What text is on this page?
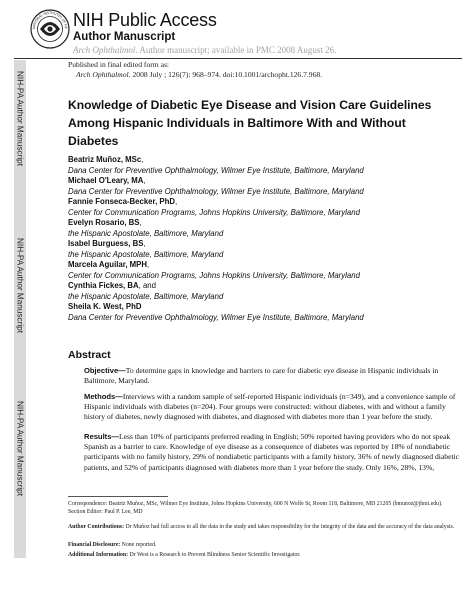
NATIONAL INSTITUTES OF HE NIH Public Access
Author Manuscript
Arch Ophthalmol. Author manuscript; available in PMC 2008 August 26.
NIH-PA Author Manuscript
NIH-PA Author Manuscript
NIH-PA Author Manuscript
Published in final edited form as:
Arch Ophthalmol. 2008 July ; 126(7): 968–974. doi:10.1001/archopht.126.7.968.
Knowledge of Diabetic Eye Disease and Vision Care Guidelines Among Hispanic Individuals in Baltimore With and Without Diabetes
Beatriz Muñoz, MSc,
Dana Center for Preventive Ophthalmology, Wilmer Eye Institute, Baltimore, Maryland
Michael O'Leary, MA,
Dana Center for Preventive Ophthalmology, Wilmer Eye Institute, Baltimore, Maryland
Fannie Fonseca-Becker, PhD,
Center for Communication Programs, Johns Hopkins University, Baltimore, Maryland
Evelyn Rosario, BS,
the Hispanic Apostolate, Baltimore, Maryland
Isabel Burguess, BS,
the Hispanic Apostolate, Baltimore, Maryland
Marcela Aguilar, MPH,
Center for Communication Programs, Johns Hopkins University, Baltimore, Maryland
Cynthia Fickes, BA, and
the Hispanic Apostolate, Baltimore, Maryland
Sheila K. West, PhD
Dana Center for Preventive Ophthalmology, Wilmer Eye Institute, Baltimore, Maryland
Abstract
Objective—To determine gaps in knowledge and barriers to care for diabetic eye disease in Hispanic individuals in Baltimore, Maryland.
Methods—Interviews with a random sample of self-reported Hispanic individuals (n=349), and a convenience sample of Hispanic individuals with diabetes (n=204). Four groups were constructed: without diabetes, with and without a family history of diabetes, newly diagnosed with diabetes, and diagnosed with diabetes more than 1 year before the study.
Results—Less than 10% of participants preferred reading in English; 50% reported having providers who do not speak Spanish as a barrier to care. Knowledge of eye disease as a consequence of diabetes was reported by 18% of nondiabetic participants with no family history, 29% of nondiabetic participants with a family history, 36% of newly diagnosed diabetic patients, and 52% of participants diagnosed with diabetes more than 1 year before the study. Only 16%, 28%, 13%,
Correspondence: Beatriz Muñoz, MSc, Wilmer Eye Institute, Johns Hopkins University, 600 N Wolfe St, Room 118, Baltimore, MD 21205 (bmunoz@jhmi.edu).
Section Editor: Paul P. Lee, MD
Author Contributions: Dr Muñoz had full access to all the data in the study and takes responsibility for the integrity of the data and the accuracy of the data analysis.
Financial Disclosure: None reported.
Additional Information: Dr West is a Research to Prevent Blindness Senior Scientific Investigator.
